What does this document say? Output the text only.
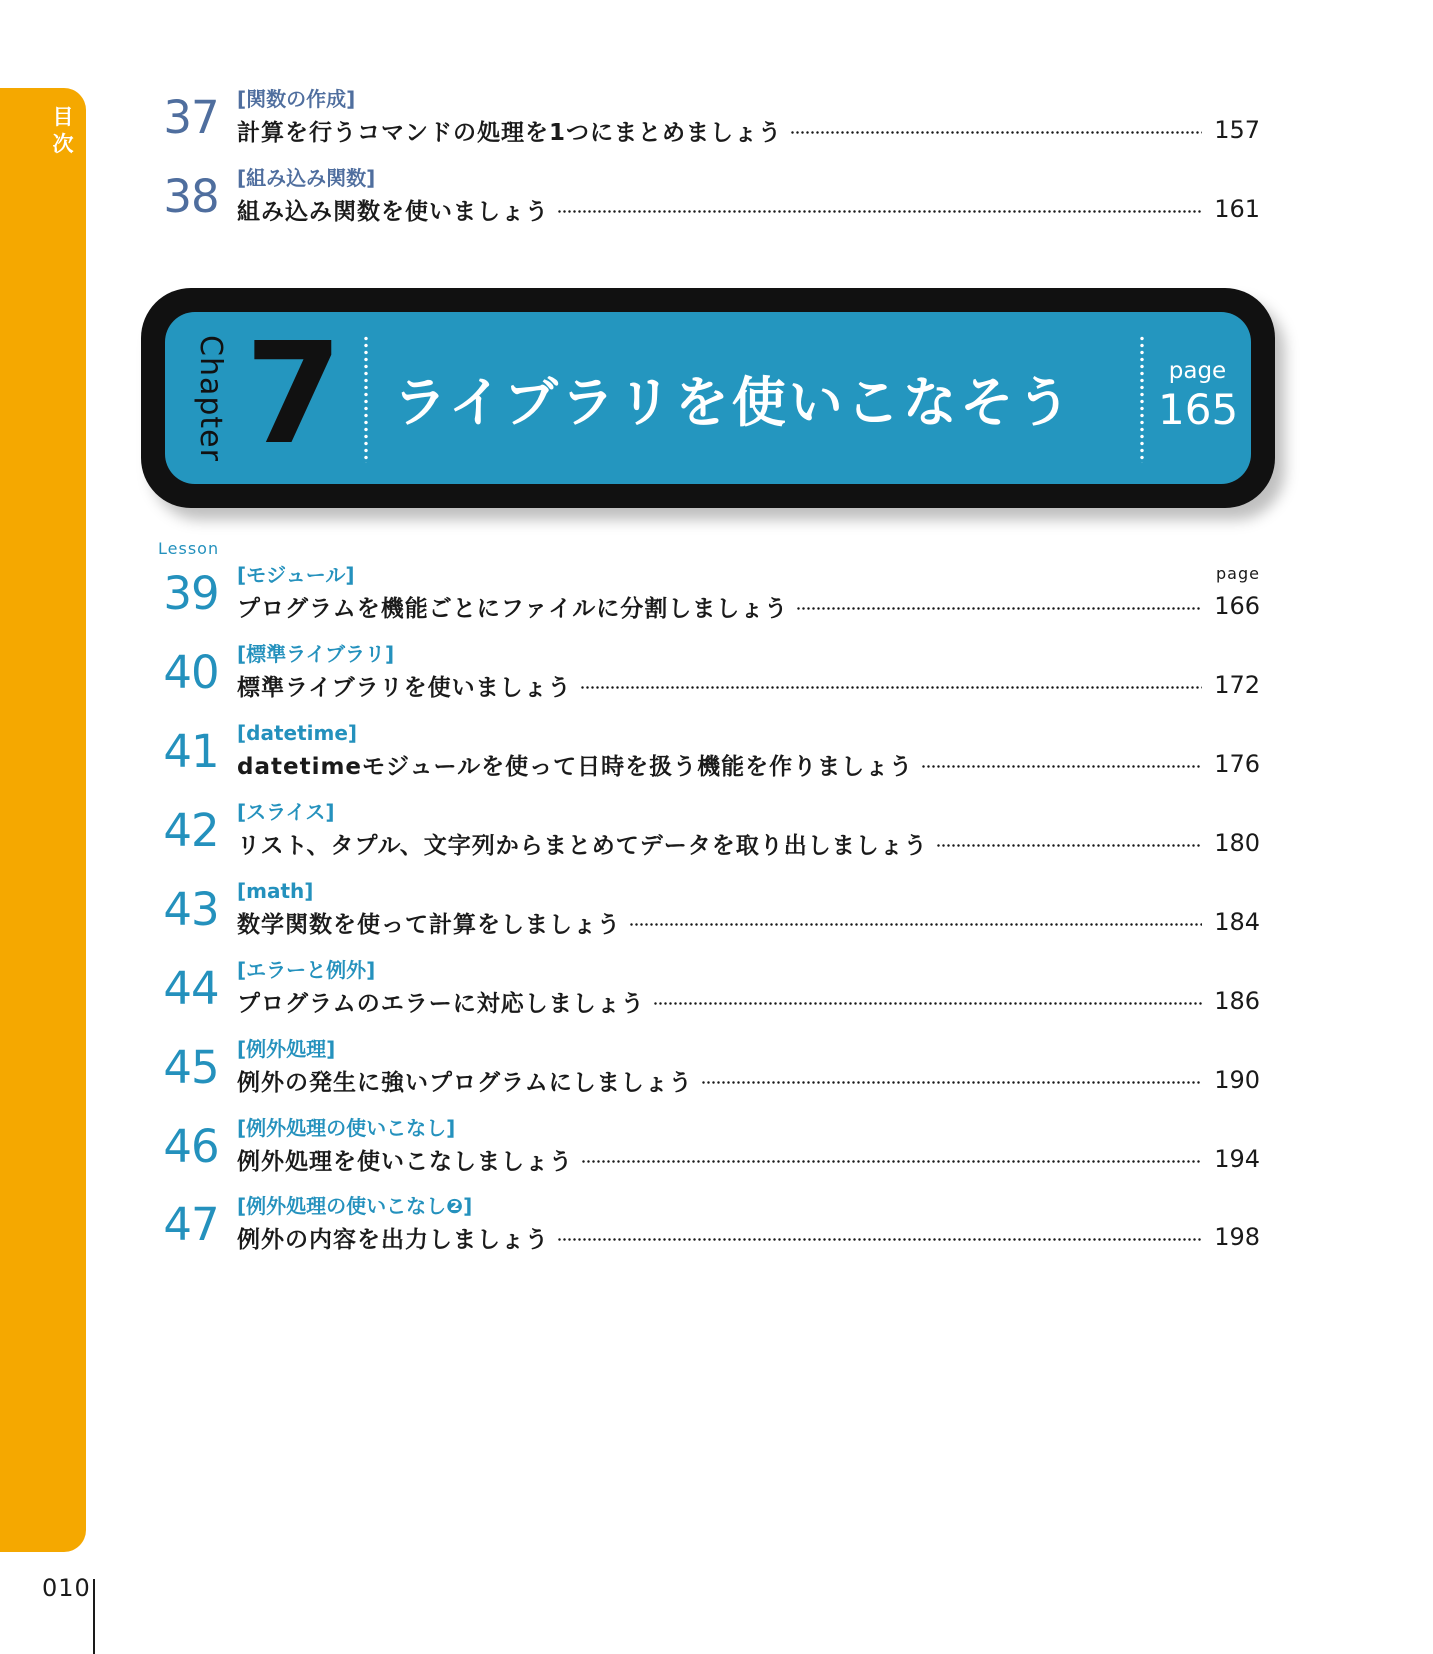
目次 37 [関数の作成]
計算を行うコマンドの処理を1つにまとめましょう	157
38 [組み込み関数]
組み込み関数を使いましょう	161
Chapter 7 ライブラリを使いこなそう	page
165
Lesson
page
39 [モジュール]
プログラムを機能ごとにファイルに分割しましょう	166
40 [標準ライブラリ]
標準ライブラリを使いましょう	172
41 [datetime]
datetimeモジュールを使って日時を扱う機能を作りましょう	176
42 [スライス]
リスト、タプル、文字列からまとめてデータを取り出しましょう	180
43 [math]
数学関数を使って計算をしましょう	184
44 [エラーと例外]
プログラムのエラーに対応しましょう	186
45 [例外処理]
例外の発生に強いプログラムにしましょう	190
46 [例外処理の使いこなし]
例外処理を使いこなしましょう	194
47 [例外処理の使いこなし❷]
例外の内容を出力しましょう	198
010
